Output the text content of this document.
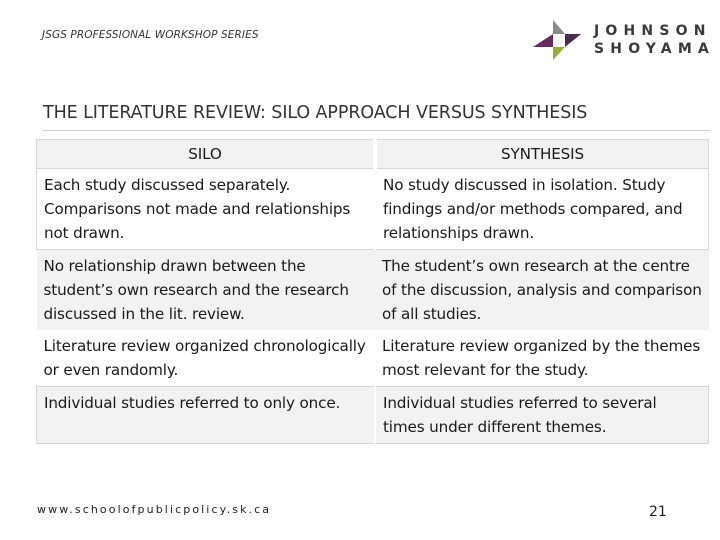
JSGS PROFESSIONAL WORKSHOP SERIES	JOHNSON
SHOYAMA
THE LITERATURE REVIEW: SILO APPROACH VERSUS SYNTHESIS
SILO	SYNTHESIS
Each study discussed separately. Comparisons not made and relationships not drawn.	No study discussed in isolation. Study findings and/or methods compared, and relationships drawn.
No relationship drawn between the student’s own research and the research discussed in the lit. review.	The student’s own research at the centre of the discussion, analysis and comparison of all studies.
Literature review organized chronologically or even randomly.	Literature review organized by the themes most relevant for the study.
Individual studies referred to only once.	Individual studies referred to several times under different themes.
www.schoolofpublicpolicy.sk.ca	21
